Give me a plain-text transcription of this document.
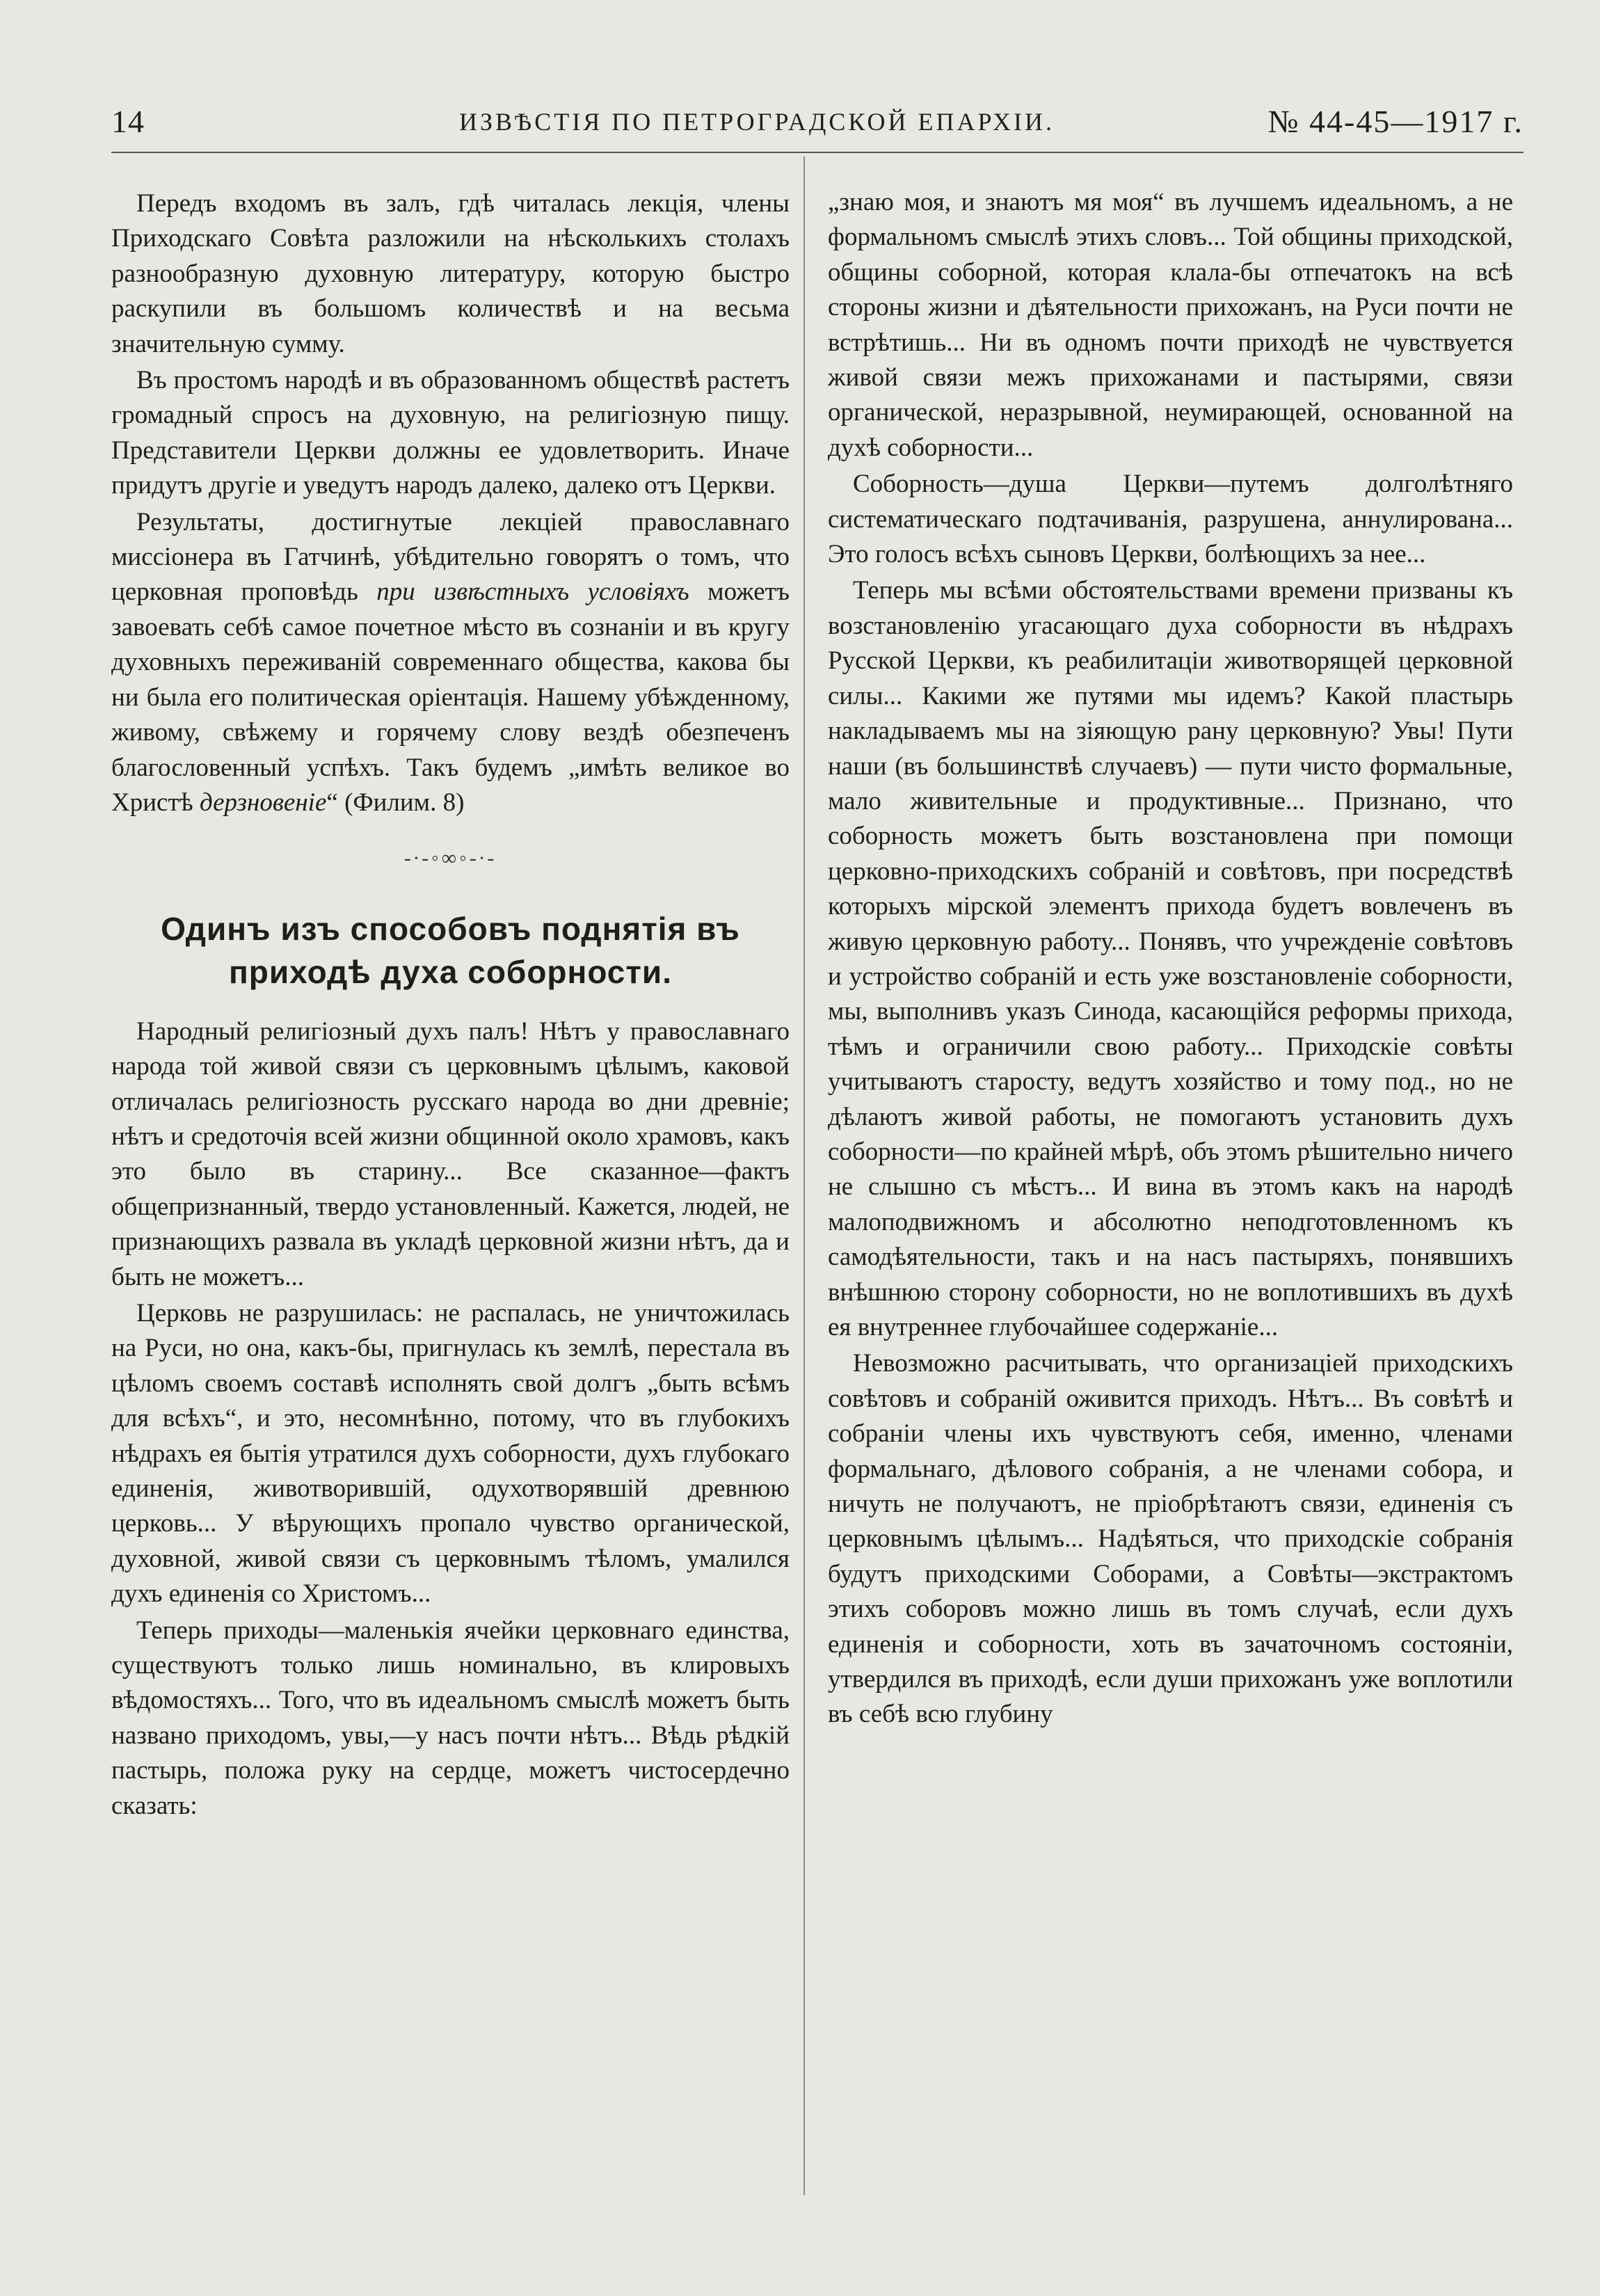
14	ИЗВѢСТІЯ ПО ПЕТРОГРАДСКОЙ ЕПАРХІИ.	№ 44-45—1917 г.

Передъ входомъ въ залъ, гдѣ читалась лекція, члены Приходскаго Совѣта разложили на нѣсколькихъ столахъ разнообразную духовную литературу, которую быстро раскупили въ большомъ количествѣ и на весьма значительную сумму.

Въ простомъ народѣ и въ образованномъ обществѣ растетъ громадный спросъ на духовную, на религіозную пищу. Представители Церкви должны ее удовлетворить. Иначе придутъ другіе и уведутъ народъ далеко, далеко отъ Церкви.

Результаты, достигнутые лекціей православнаго миссіонера въ Гатчинѣ, убѣдительно говорятъ о томъ, что церковная проповѣдь при извѣстныхъ условіяхъ можетъ завоевать себѣ самое почетное мѣсто въ сознаніи и въ кругу духовныхъ переживаній современнаго общества, какова бы ни была его политическая оріентація. Нашему убѣжденному, живому, свѣжему и горячему слову вездѣ обезпеченъ благословенный успѣхъ. Такъ будемъ „имѣть великое во Христѣ дерзновеніе“ (Филим. 8)

-∙-◦∞◦-∙-
Одинъ изъ способовъ поднятія въ
приходѣ духа соборности.

Народный религіозный духъ палъ! Нѣтъ у православнаго народа той живой связи съ церковнымъ цѣлымъ, каковой отличалась религіозность русскаго народа во дни древніе; нѣтъ и средоточія всей жизни общинной около храмовъ, какъ это было въ старину... Все сказанное—фактъ общепризнанный, твердо установленный. Кажется, людей, не признающихъ развала въ укладѣ церковной жизни нѣтъ, да и быть не можетъ...

Церковь не разрушилась: не распалась, не уничтожилась на Руси, но она, какъ-бы, пригнулась къ землѣ, перестала въ цѣломъ своемъ составѣ исполнять свой долгъ „быть всѣмъ для всѣхъ“, и это, несомнѣнно, потому, что въ глубокихъ нѣдрахъ ея бытія утратился духъ соборности, духъ глубокаго единенія, животворившій, одухотворявшій древнюю церковь... У вѣрующихъ пропало чувство органической, духовной, живой связи съ церковнымъ тѣломъ, умалился духъ единенія со Христомъ...

Теперь приходы—маленькія ячейки церковнаго единства, существуютъ только лишь номинально, въ клировыхъ вѣдомостяхъ... Того, что въ идеальномъ смыслѣ можетъ быть названо приходомъ, увы,—у насъ почти нѣтъ... Вѣдь рѣдкій пастырь, положа руку на сердце, можетъ чистосердечно сказать:

„знаю моя, и знаютъ мя моя“ въ лучшемъ идеальномъ, а не формальномъ смыслѣ этихъ словъ... Той общины приходской, общины соборной, которая клала-бы отпечатокъ на всѣ стороны жизни и дѣятельности прихожанъ, на Руси почти не встрѣтишь... Ни въ одномъ почти приходѣ не чувствуется живой связи межъ прихожанами и пастырями, связи органической, неразрывной, неумирающей, основанной на духѣ соборности...

Соборность—душа Церкви—путемъ долголѣтняго систематическаго подтачиванія, разрушена, аннулирована... Это голосъ всѣхъ сыновъ Церкви, болѣющихъ за нее...

Теперь мы всѣми обстоятельствами времени призваны къ возстановленію угасающаго духа соборности въ нѣдрахъ Русской Церкви, къ реабилитаціи животворящей церковной силы... Какими же путями мы идемъ? Какой пластырь накладываемъ мы на зіяющую рану церковную? Увы! Пути наши (въ большинствѣ случаевъ) — пути чисто формальные, мало живительные и продуктивные... Признано, что соборность можетъ быть возстановлена при помощи церковно-приходскихъ собраній и совѣтовъ, при посредствѣ которыхъ мірской элементъ прихода будетъ вовлеченъ въ живую церковную работу... Понявъ, что учрежденіе совѣтовъ и устройство собраній и есть уже возстановленіе соборности, мы, выполнивъ указъ Синода, касающійся реформы прихода, тѣмъ и ограничили свою работу... Приходскіе совѣты учитываютъ старосту, ведутъ хозяйство и тому под., но не дѣлаютъ живой работы, не помогаютъ установить духъ соборности—по крайней мѣрѣ, объ этомъ рѣшительно ничего не слышно съ мѣстъ... И вина въ этомъ какъ на народѣ малоподвижномъ и абсолютно неподготовленномъ къ самодѣятельности, такъ и на насъ пастыряхъ, понявшихъ внѣшнюю сторону соборности, но не воплотившихъ въ духѣ ея внутреннее глубочайшее содержаніе...

Невозможно расчитывать, что организаціей приходскихъ совѣтовъ и собраній оживится приходъ. Нѣтъ... Въ совѣтѣ и собраніи члены ихъ чувствуютъ себя, именно, членами формальнаго, дѣлового собранія, а не членами собора, и ничуть не получаютъ, не пріобрѣтаютъ связи, единенія съ церковнымъ цѣлымъ... Надѣяться, что приходскіе собранія будутъ приходскими Соборами, а Совѣты—экстрактомъ этихъ соборовъ можно лишь въ томъ случаѣ, если духъ единенія и соборности, хоть въ зачаточномъ состояніи, утвердился въ приходѣ, если души прихожанъ уже воплотили въ себѣ всю глубину
